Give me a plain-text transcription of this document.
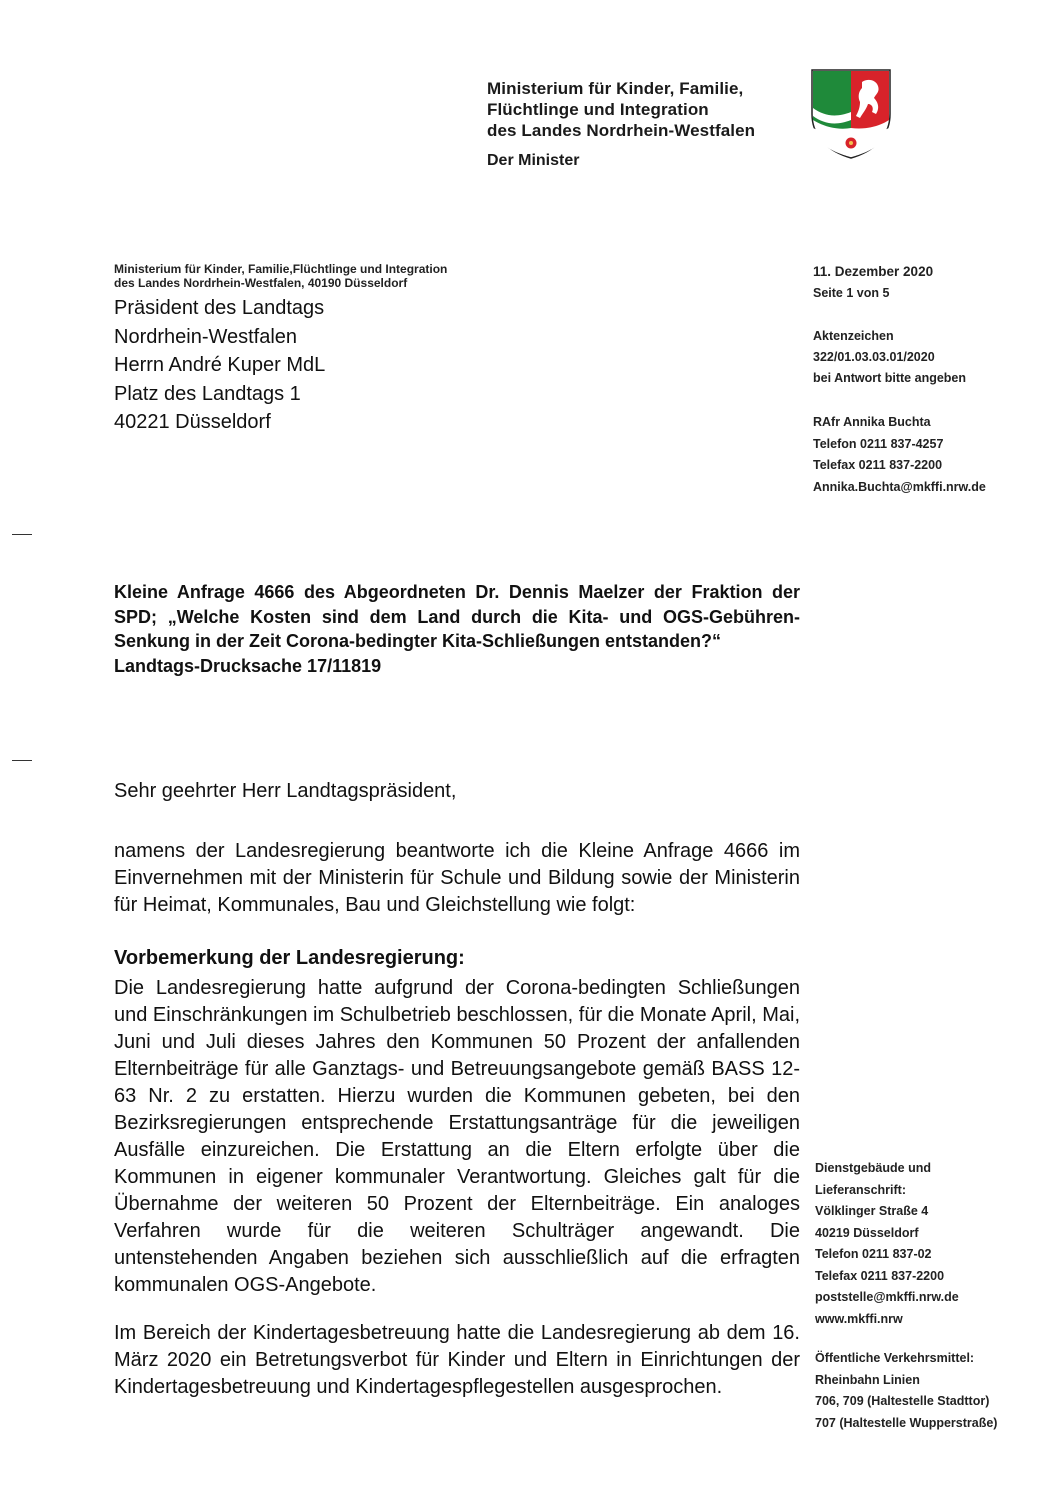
Ministerium für Kinder, Familie,
Flüchtlinge und Integration
des Landes Nordrhein-Westfalen
Der Minister
Ministerium für Kinder, Familie,Flüchtlinge und Integration
des Landes Nordrhein-Westfalen, 40190 Düsseldorf
Präsident des Landtags
Nordrhein-Westfalen
Herrn André Kuper MdL
Platz des Landtags 1
40221 Düsseldorf
11. Dezember 2020
Seite 1 von 5
Aktenzeichen
322/01.03.03.01/2020
bei Antwort bitte angeben
RAfr Annika Buchta
Telefon 0211 837-4257
Telefax 0211 837-2200
Annika.Buchta@mkffi.nrw.de
Kleine Anfrage 4666 des Abgeordneten Dr. Dennis Maelzer der Fraktion der SPD; „Welche Kosten sind dem Land durch die Kita- und OGS-Gebühren-Senkung in der Zeit Corona-bedingter Kita-Schließungen entstanden?“
Landtags-Drucksache 17/11819
Sehr geehrter Herr Landtagspräsident,
namens der Landesregierung beantworte ich die Kleine Anfrage 4666 im Einvernehmen mit der Ministerin für Schule und Bildung sowie der Ministerin für Heimat, Kommunales, Bau und Gleichstellung wie folgt:
Vorbemerkung der Landesregierung:
Die Landesregierung hatte aufgrund der Corona-bedingten Schließungen und Einschränkungen im Schulbetrieb beschlossen, für die Monate April, Mai, Juni und Juli dieses Jahres den Kommunen 50 Prozent der anfallenden Elternbeiträge für alle Ganztags- und Betreuungsangebote gemäß BASS 12-63 Nr. 2 zu erstatten. Hierzu wurden die Kommunen gebeten, bei den Bezirksregierungen entsprechende Erstattungsanträge für die jeweiligen Ausfälle einzureichen. Die Erstattung an die Eltern erfolgte über die Kommunen in eigener kommunaler Verantwortung. Gleiches galt für die Übernahme der weiteren 50 Prozent der Elternbeiträge. Ein analoges Verfahren wurde für die weiteren Schulträger angewandt. Die untenstehenden Angaben beziehen sich ausschließlich auf die erfragten kommunalen OGS-Angebote.
Im Bereich der Kindertagesbetreuung hatte die Landesregierung ab dem 16. März 2020 ein Betretungsverbot für Kinder und Eltern in Einrichtungen der Kindertagesbetreuung und Kindertagespflegestellen ausgesprochen.
Dienstgebäude und
Lieferanschrift:
Völklinger Straße 4
40219 Düsseldorf
Telefon 0211 837-02
Telefax 0211 837-2200
poststelle@mkffi.nrw.de
www.mkffi.nrw
Öffentliche Verkehrsmittel:
Rheinbahn Linien
706, 709 (Haltestelle Stadttor)
707 (Haltestelle Wupperstraße)
